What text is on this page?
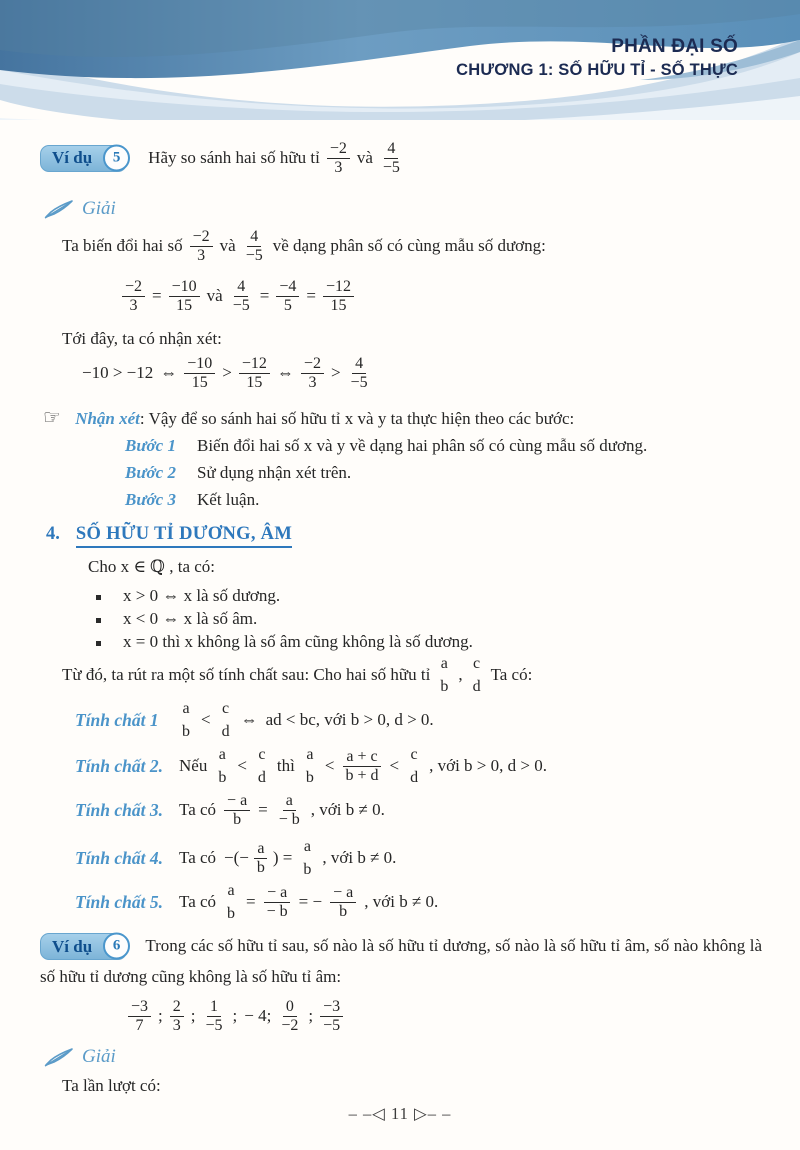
PHẦN ĐẠI SỐ
CHƯƠNG 1: SỐ HỮU TỈ - SỐ THỰC
Ví dụ	5	Hãy so sánh hai số hữu tỉ $\frac{-2}{3}$ và $\frac{4}{-5}$
Giải
Ta biến đổi hai số $\frac{-2}{3}$ và $\frac{4}{-5}$ về dạng phân số có cùng mẫu số dương:
$\frac{-2}{3} = \frac{-10}{15}$ và $\frac{4}{-5} = \frac{-4}{5} = \frac{-12}{15}$
Tới đây, ta có nhận xét:
−10 > −12 ⇔ $\frac{-10}{15} > \frac{-12}{15}$ ⇔ $\frac{-2}{3} > \frac{4}{-5}$
☞ Nhận xét: Vậy để so sánh hai số hữu tỉ x và y ta thực hiện theo các bước:
Bước 1 Biến đổi hai số x và y về dạng hai phân số có cùng mẫu số dương.
Bước 2 Sử dụng nhận xét trên.
Bước 3 Kết luận.
4. SỐ HỮU TỈ DƯƠNG, ÂM
Cho x ∈ ℚ , ta có:
x > 0 ⇔ x là số dương.
x < 0 ⇔ x là số âm.
x = 0 thì x không là số âm cũng không là số dương.
Từ đó, ta rút ra một số tính chất sau: Cho hai số hữu tỉ
a
b
,
c
d
Ta có:
Tính chất 1
a
b
<
c
d
⇔ ad < bc, với b > 0, d > 0.
Tính chất 2. Nếu
a
b
<
c
d
thì
a
b
< $\frac{a + c}{b + d}$ <
c
d
, với b > 0, d > 0.
Tính chất 3. Ta có $\frac{- a}{b} = \frac{a}{- b}$ , với b ≠ 0.
Tính chất 4. Ta có −(− $\frac{a}{b}$ ) =
a
b
, với b ≠ 0.
Tính chất 5. Ta có
a
b
= $\frac{- a}{- b}$ = − $\frac{- a}{b}$ , với b ≠ 0.
Ví dụ	6	Trong các số hữu tỉ sau, số nào là số hữu tỉ dương, số nào là số hữu tỉ âm, số nào không là số hữu tỉ dương cũng không là số hữu tỉ âm:
$\frac{-3}{7}$ ; $\frac{2}{3}$ ; $\frac{1}{-5}$ ; − 4; $\frac{0}{-2}$ ; $\frac{-3}{-5}$
Giải
Ta lần lượt có:
– –◁ 11 ▷– –
